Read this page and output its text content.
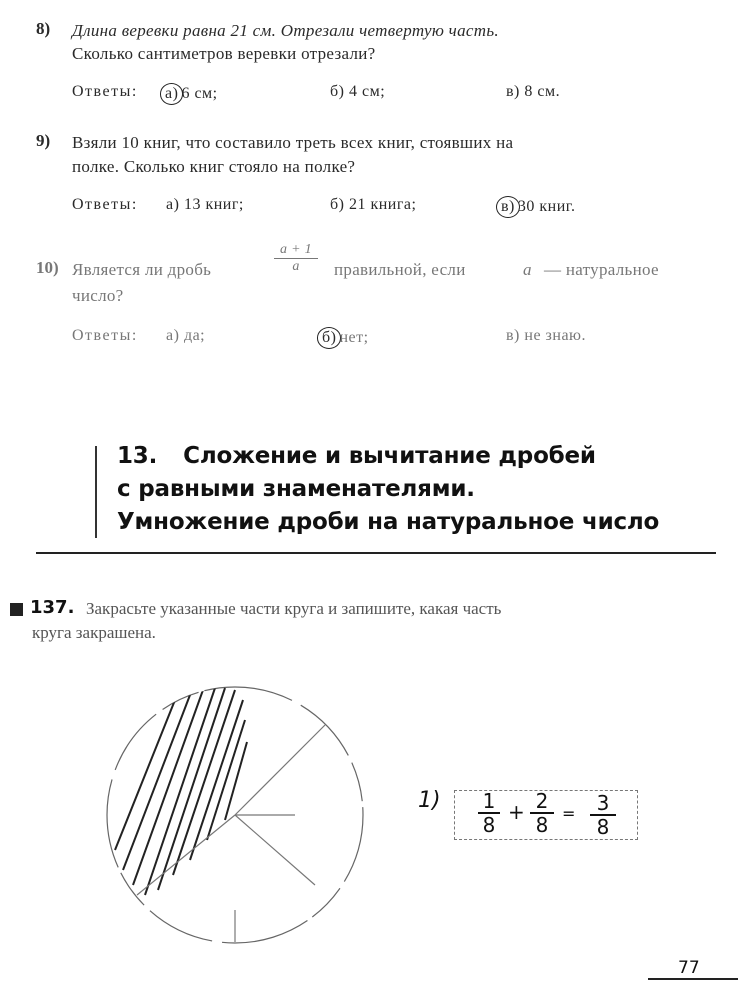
8) Длина веревки равна 21 см. Отрезали четвертую часть.
Сколько сантиметров веревки отрезали?
Ответы:	а) 6 см;	б) 4 см;	в) 8 см.
9) Взяли 10 книг, что составило треть всех книг, стоявших на
полке. Сколько книг стояло на полке?
Ответы: а) 13 книг;	б) 21 книга;	в) 30 книг.
10) Является ли дробь	$\frac{a + 1}{a}$ правильной, если	a — натуральное
число?
Ответы: а) да;	б) нет;	в) не знаю.
13. Сложение и вычитание дробей
с равными знаменателями.
Умножение дроби на натуральное число
137. Закрасьте указанные части круга и запишите, какая часть
круга закрашена.
$1) \frac{1}{8} + \frac{2}{8} = \frac{3}{8}$
77
